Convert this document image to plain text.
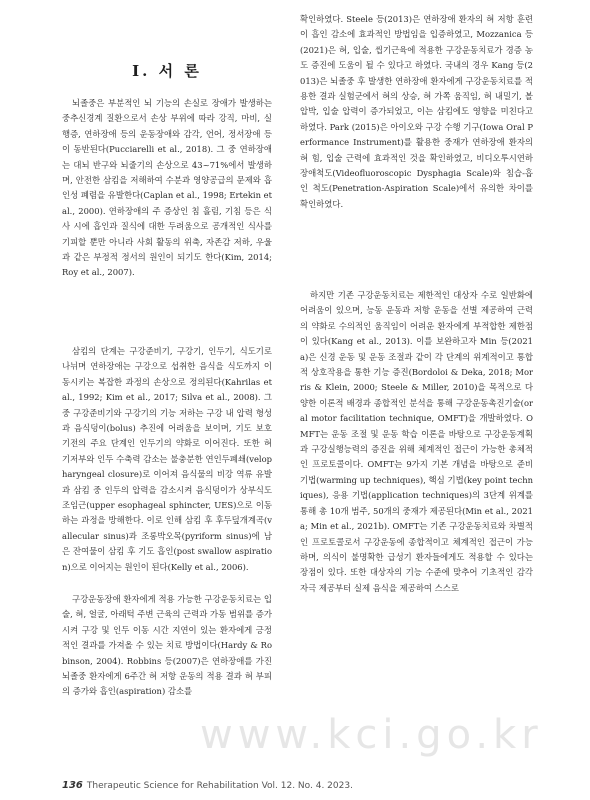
Ⅰ. 서 론

뇌졸중은 부분적인 뇌 기능의 손실로 장애가 발생하는 중추신경계 질환으로서 손상 부위에 따라 강직, 마비, 실행증, 연하장애 등의 운동장애와 감각, 언어, 정서장애 등이 동반된다(Pucciarelli et al., 2018). 그 중 연하장애는 대뇌 반구와 뇌줄기의 손상으로 43~71%에서 발생하며, 안전한 삼킴을 저해하여 수분과 영양공급의 문제와 흡인성 폐렴을 유발한다(Caplan et al., 1998; Ertekin et al., 2000). 연하장애의 주 증상인 침 흘림, 기침 등은 식사 시에 흡인과 질식에 대한 두려움으로 공개적인 식사를 기피할 뿐만 아니라 사회 활동의 위축, 자존감 저하, 우울과 같은 부정적 정서의 원인이 되기도 한다(Kim, 2014; Roy et al., 2007).

삼킴의 단계는 구강준비기, 구강기, 인두기, 식도기로 나뉘며 연하장애는 구강으로 섭취한 음식을 식도까지 이동시키는 복잡한 과정의 손상으로 정의된다(Kahrilas et al., 1992; Kim et al., 2017; Silva et al., 2008). 그 중 구강준비기와 구강기의 기능 저하는 구강 내 압력 형성과 음식덩이(bolus) 추진에 어려움을 보이며, 기도 보호 기전의 주요 단계인 인두기의 약화로 이어진다. 또한 혀 기저부와 인두 수축력 감소는 불충분한 연인두폐쇄(velopharyngeal closure)로 이어져 음식물의 비강 역류 유발과 삼킴 중 인두의 압력을 감소시켜 음식덩이가 상부식도조임근(upper esophageal sphincter, UES)으로 이동하는 과정을 방해한다. 이로 인해 삼킴 후 후두덮개계곡(vallecular sinus)과 조롱박오목(pyriform sinus)에 남은 잔여물이 삼킴 후 기도 흡인(post swallow aspiration)으로 이어지는 원인이 된다(Kelly et al., 2006).

구강운동장애 환자에게 적용 가능한 구강운동치료는 입술, 혀, 얼굴, 아래턱 주변 근육의 근력과 가동 범위를 증가시켜 구강 및 인두 이동 시간 지연이 있는 환자에게 긍정적인 결과를 가져올 수 있는 치료 방법이다(Hardy & Robinson, 2004). Robbins 등(2007)은 연하장애를 가진 뇌졸중 환자에게 6주간 혀 저항 운동의 적용 결과 혀 부피의 증가와 흡인(aspiration) 감소를

확인하였다. Steele 등(2013)은 연하장애 환자의 혀 저항 훈련이 흡인 감소에 효과적인 방법임을 입증하였고, Mozzanica 등(2021)은 혀, 입술, 씹기근육에 적용한 구강운동치료가 경증 농도 증진에 도움이 될 수 있다고 하였다. 국내의 경우 Kang 등(2013)은 뇌졸중 후 발생한 연하장애 환자에게 구강운동치료를 적용한 결과 실험군에서 혀의 상승, 혀 가쪽 움직임, 혀 내밀기, 볼 압박, 입술 압력이 증가되었고, 이는 삼킴에도 영향을 미친다고 하였다. Park (2015)은 아이오와 구강 수행 기구(Iowa Oral Performance Instrument)를 활용한 중재가 연하장애 환자의 혀 힘, 입술 근력에 효과적인 것을 확인하였고, 비디오투시연하장애척도(Videofluoroscopic Dysphagia Scale)와 침습-흡인 척도(Penetration-Aspiration Scale)에서 유의한 차이를 확인하였다.

하지만 기존 구강운동치료는 제한적인 대상자 수로 일반화에 어려움이 있으며, 능동 운동과 저항 운동을 선별 제공하여 근력의 약화로 수의적인 움직임이 어려운 환자에게 부적합한 제한점이 있다(Kang et al., 2013). 이를 보완하고자 Min 등(2021a)은 신경 운동 및 운동 조절과 같이 각 단계의 위계적이고 통합적 상호작용을 통한 기능 증진(Bordoloi & Deka, 2018; Morris & Klein, 2000; Steele & Miller, 2010)을 목적으로 다양한 이론적 배경과 종합적인 분석을 통해 구강운동촉진기술(oral motor facilitation technique, OMFT)을 개발하였다. OMFT는 운동 조절 및 운동 학습 이론을 바탕으로 구강운동계획과 구강실행능력의 증진을 위해 체계적인 접근이 가능한 총체적인 프로토콜이다. OMFT는 9가지 기본 개념을 바탕으로 준비 기법(warming up techniques), 핵심 기법(key point techniques), 응용 기법(application techniques)의 3단계 위계를 통해 총 10개 범주, 50개의 중재가 제공된다(Min et al., 2021a; Min et al., 2021b). OMFT는 기존 구강운동치료와 차별적인 프로토콜로서 구강운동에 종합적이고 체계적인 접근이 가능하며, 의식이 불명확한 급성기 환자들에게도 적용할 수 있다는 장점이 있다. 또한 대상자의 기능 수준에 맞추어 기초적인 감각 자극 제공부터 실제 음식을 제공하여 스스로

www.kci.go.kr

136 Therapeutic Science for Rehabilitation Vol. 12. No. 4. 2023.
